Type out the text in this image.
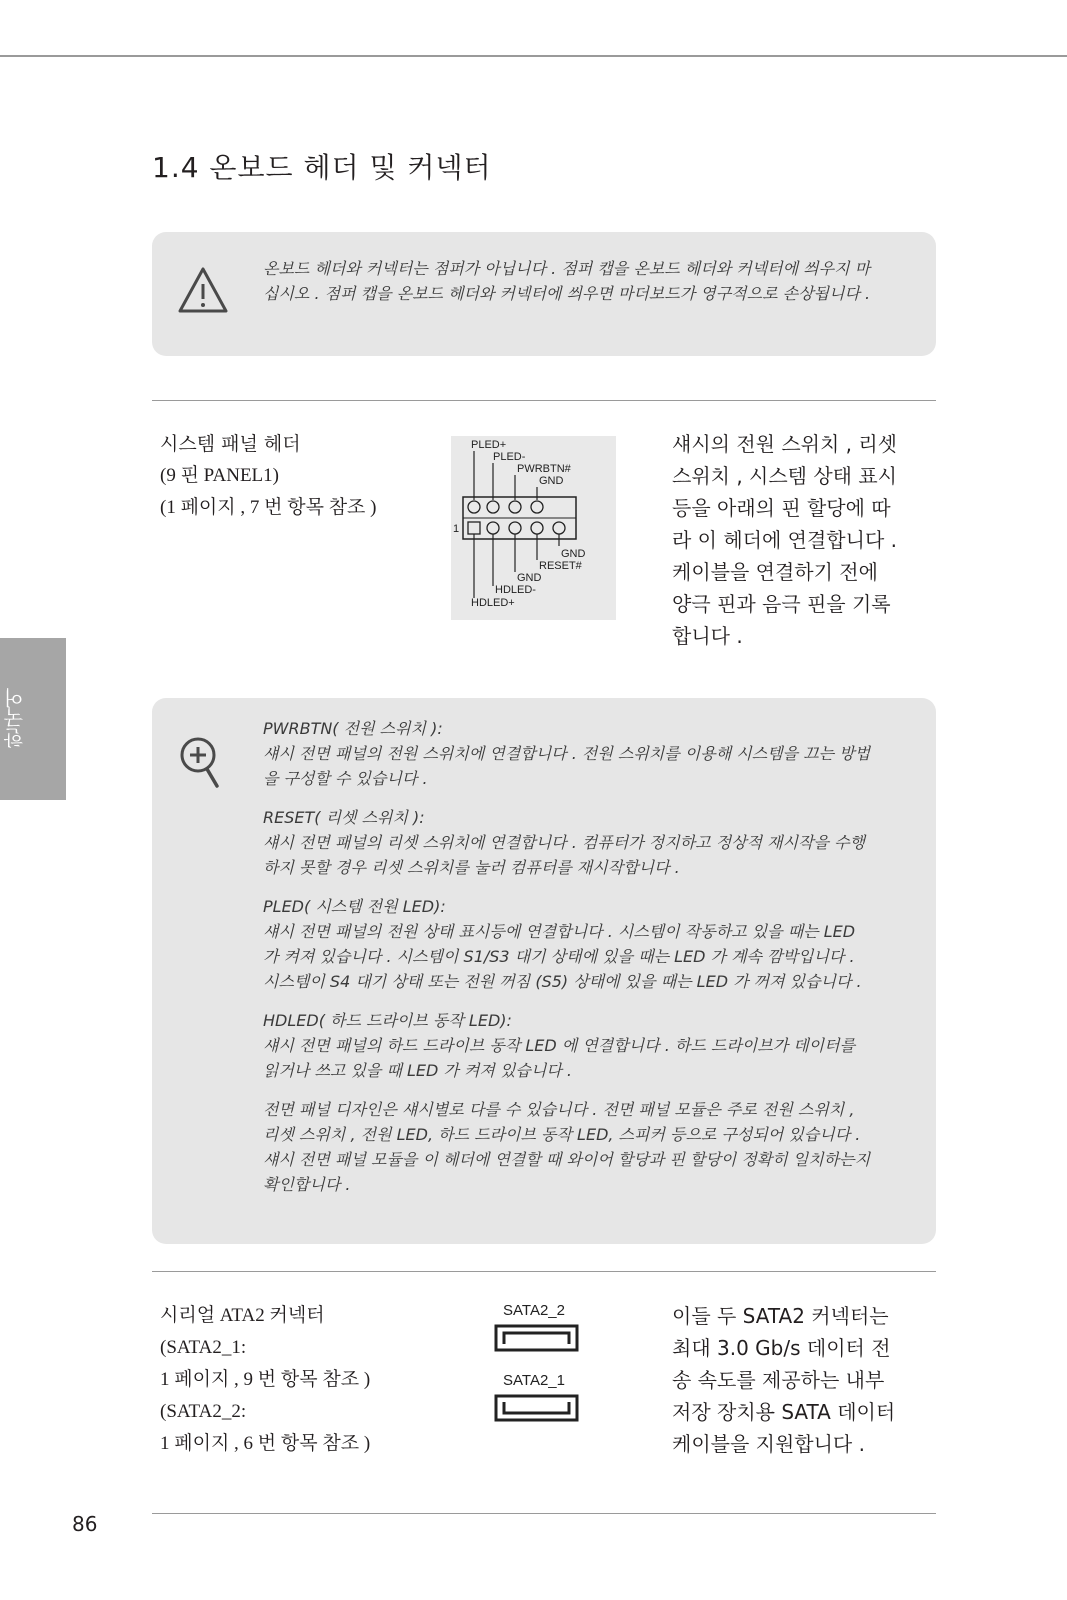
1.4 온보드 헤더 및 커넥터
온보드 헤더와 커넥터는 점퍼가 아닙니다 . 점퍼 캡을 온보드 헤더와 커넥터에 씌우지 마십시오 . 점퍼 캡을 온보드 헤더와 커넥터에 씌우면 마더보드가 영구적으로 손상됩니다 .
시스템 패널 헤더
(9 핀 PANEL1)
(1 페이지 , 7 번 항목 참조 )
PLED+
PLED-
PWRBTN#
GND
1
GND
RESET#
GND
HDLED-
HDLED+
섀시의 전원 스위치 , 리셋 스위치 , 시스템 상태 표시등을 아래의 핀 할당에 따라 이 헤더에 연결합니다 . 케이블을 연결하기 전에 양극 핀과 음극 핀을 기록합니다 .

PWRBTN( 전원 스위치 ):
섀시 전면 패널의 전원 스위치에 연결합니다 . 전원 스위치를 이용해 시스템을 끄는 방법을 구성할 수 있습니다 .

RESET( 리셋 스위치 ):
섀시 전면 패널의 리셋 스위치에 연결합니다 . 컴퓨터가 정지하고 정상적 재시작을 수행하지 못할 경우 리셋 스위치를 눌러 컴퓨터를 재시작합니다 .

PLED( 시스템 전원 LED):
섀시 전면 패널의 전원 상태 표시등에 연결합니다 . 시스템이 작동하고 있을 때는 LED 가 켜져 있습니다 . 시스템이 S1/S3 대기 상태에 있을 때는 LED 가 계속 깜박입니다 . 시스템이 S4 대기 상태 또는 전원 꺼짐 (S5) 상태에 있을 때는 LED 가 꺼져 있습니다 .

HDLED( 하드 드라이브 동작 LED):
섀시 전면 패널의 하드 드라이브 동작 LED 에 연결합니다 . 하드 드라이브가 데이터를 읽거나 쓰고 있을 때 LED 가 켜져 있습니다 .

전면 패널 디자인은 섀시별로 다를 수 있습니다 . 전면 패널 모듈은 주로 전원 스위치 , 리셋 스위치 , 전원 LED, 하드 드라이브 동작 LED, 스피커 등으로 구성되어 있습니다 . 섀시 전면 패널 모듈을 이 헤더에 연결할 때 와이어 할당과 핀 할당이 정확히 일치하는지 확인합니다 .

시리얼 ATA2 커넥터
(SATA2_1:
1 페이지 , 9 번 항목 참조 )
(SATA2_2:
1 페이지 , 6 번 항목 참조 )
SATA2_2
SATA2_1
이들 두 SATA2 커넥터는 최대 3.0 Gb/s 데이터 전송 속도를 제공하는 내부 저장 장치용 SATA 데이터 케이블을 지원합니다 .
한국어
86
